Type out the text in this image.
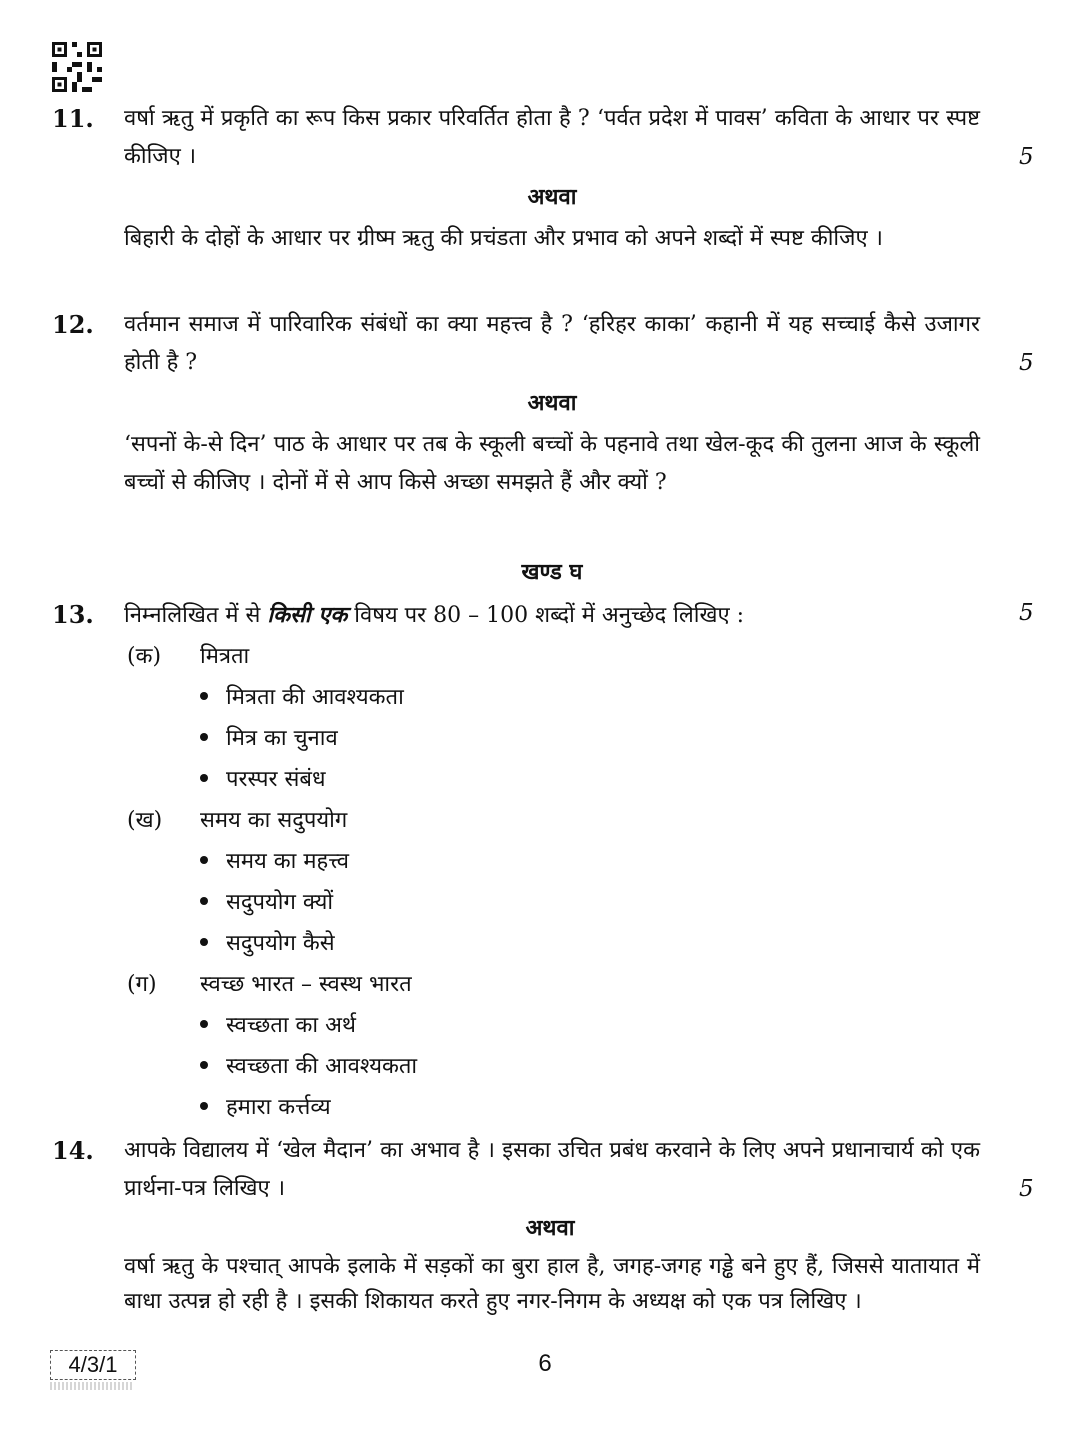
11. वर्षा ऋतु में प्रकृति का रूप किस प्रकार परिवर्तित होता है ? ‘पर्वत प्रदेश में पावस’ कविता के आधार पर स्पष्ट कीजिए ।	5
अथवा
बिहारी के दोहों के आधार पर ग्रीष्म ऋतु की प्रचंडता और प्रभाव को अपने शब्दों में स्पष्ट कीजिए ।
12. वर्तमान समाज में पारिवारिक संबंधों का क्या महत्त्व है ? ‘हरिहर काका’ कहानी में यह सच्चाई कैसे उजागर होती है ?	5
अथवा
‘सपनों के-से दिन’ पाठ के आधार पर तब के स्कूली बच्चों के पहनावे तथा खेल-कूद की तुलना आज के स्कूली बच्चों से कीजिए । दोनों में से आप किसे अच्छा समझते हैं और क्यों ?
खण्ड घ
13. निम्नलिखित में से किसी एक विषय पर 80 – 100 शब्दों में अनुच्छेद लिखिए :	5
(क) मित्रता
मित्रता की आवश्यकता
मित्र का चुनाव
परस्पर संबंध
(ख) समय का सदुपयोग
समय का महत्त्व
सदुपयोग क्यों
सदुपयोग कैसे
(ग) स्वच्छ भारत – स्वस्थ भारत
स्वच्छता का अर्थ
स्वच्छता की आवश्यकता
हमारा कर्त्तव्य
14. आपके विद्यालय में ‘खेल मैदान’ का अभाव है । इसका उचित प्रबंध करवाने के लिए अपने प्रधानाचार्य को एक प्रार्थना-पत्र लिखिए ।	5
अथवा
वर्षा ऋतु के पश्चात् आपके इलाके में सड़कों का बुरा हाल है, जगह-जगह गड्ढे बने हुए हैं, जिससे यातायात में बाधा उत्पन्न हो रही है । इसकी शिकायत करते हुए नगर-निगम के अध्यक्ष को एक पत्र लिखिए ।
4/3/1	6
